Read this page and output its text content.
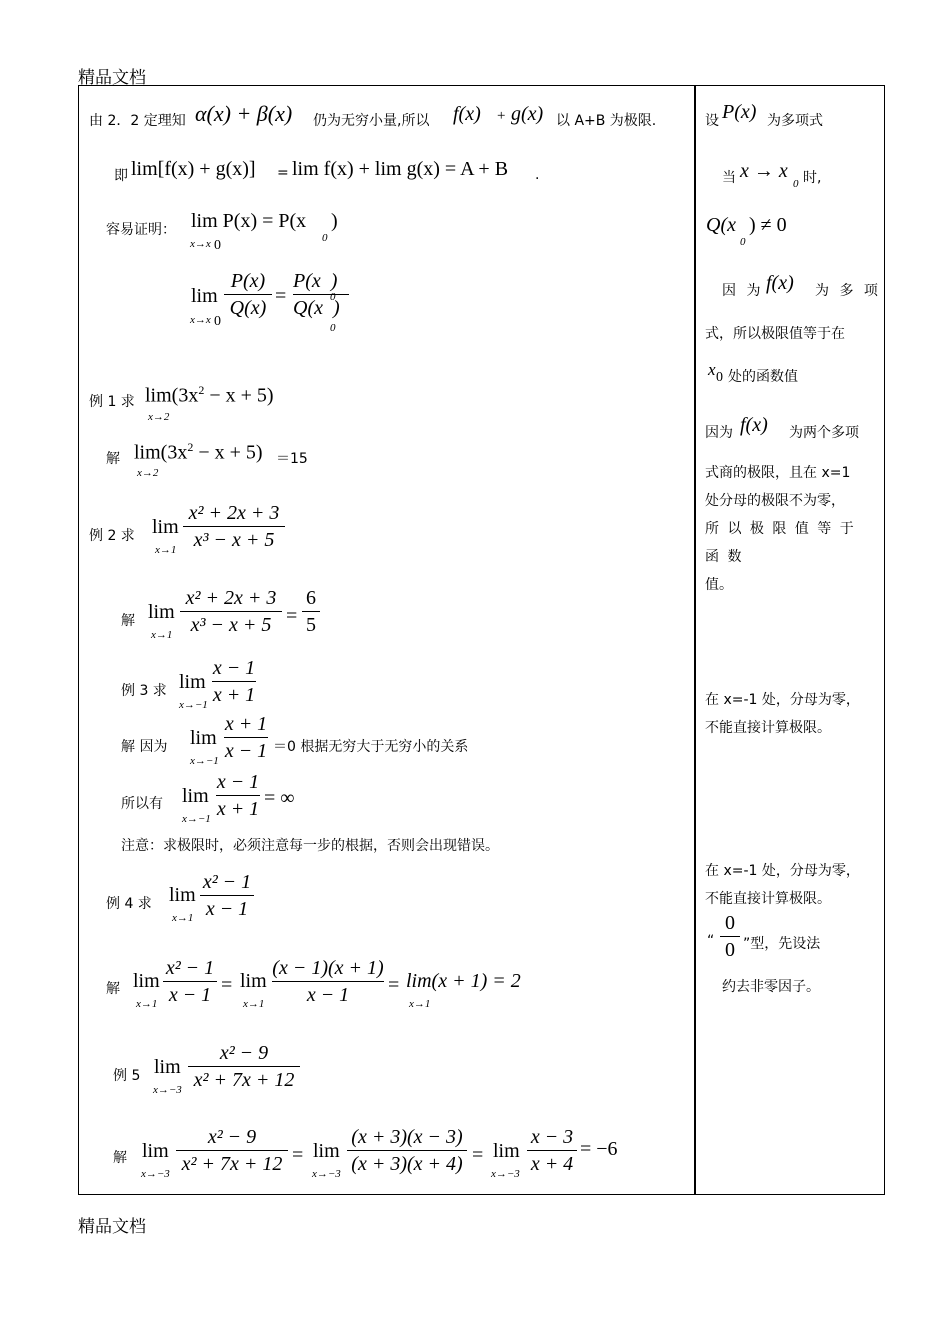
精品文档
精品文档
由 2．2 定理知 α(x) + β(x) 仍为无穷小量,所以 f(x) + g(x) 以 A+B 为极限.
即 lim[f(x) + g(x)] = lim f(x) + lim g(x) = A + B .
容易证明： lim P(x) = P(x
0
)
x→x 0
lim
x→x 0
P(x)
Q(x)
=
P(x )
Q(x )
0
0
例 1 求 $\lim(3x^2 - x + 5)$
x→2
解 $\lim(3x^2 - x + 5)$
x→2
＝15
例 2 求 lim
x→1
x² + 2x + 3
x³ − x + 5
解 lim
x→1
x² + 2x + 3
x³ − x + 5 =
6
5
例 3 求 lim
x→−1
x − 1
x + 1
解 因为 lim
x→−1
x + 1
x − 1 ＝0 根据无穷大于无穷小的关系
所以有 lim
x→−1
x − 1
x + 1 = ∞
注意：求极限时，必须注意每一步的根据，否则会出现错误。
例 4 求 lim
x→1
x² − 1
x − 1
解 lim
x→1
x² − 1
x − 1 = lim
x→1
(x − 1)(x + 1)
x − 1	= lim(x + 1) = 2
x→1
例 5 lim
x→−3
x² − 9
x² + 7x + 12
解 lim
x→−3
x² − 9
x² + 7x + 12 = lim
x→−3
(x + 3)(x − 3)
(x + 3)(x + 4) = lim
x→−3
x − 3
x + 4
= −6
设 P(x) 为多项式
当 x → x
0 时,
Q(x
0
) ≠ 0
因 为 f(x) 为 多 项
式，所以极限值等于在
x 0 处的函数值
因为 f(x) 为两个多项
式商的极限，且在 x=1
处分母的极限不为零，
所 以 极 限 值 等 于 函 数
值。
在 x=-1 处，分母为零，
不能直接计算极限。
在 x=-1 处，分母为零，
不能直接计算极限。
“
0
0 ”型，先设法
约去非零因子。
